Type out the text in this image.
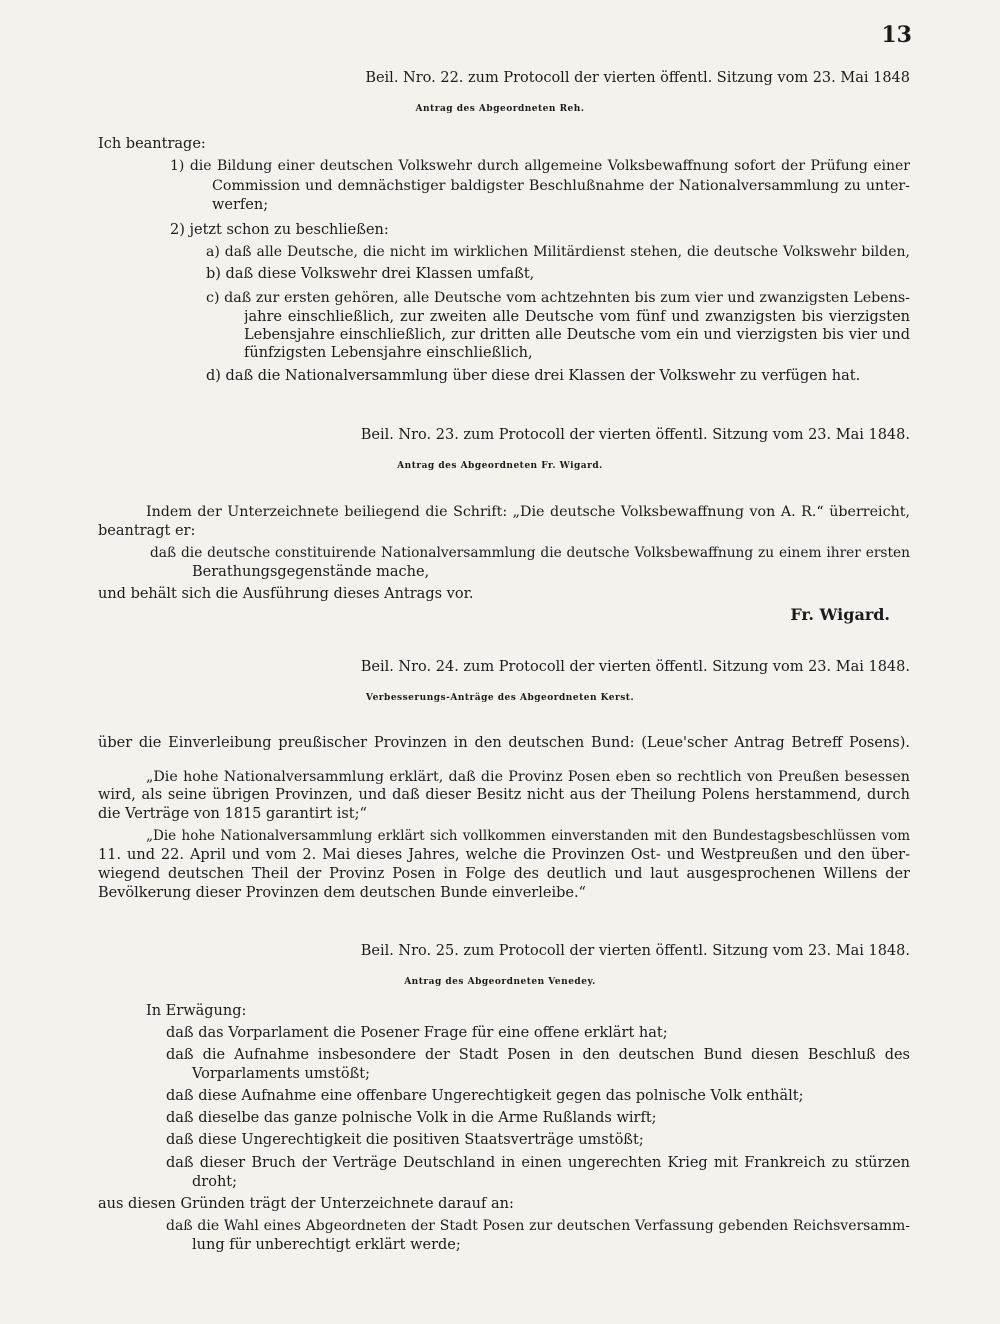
13
Beil. Nro. 22. zum Protocoll der vierten öffentl. Sitzung vom 23. Mai 1848
Antrag des Abgeordneten Reh.
Ich beantrage:
1) die Bildung einer deutschen Volkswehr durch allgemeine Volksbewaffnung sofort der Prüfung einer
Commission und demnächstiger baldigster Beschlußnahme der Nationalversammlung zu unter-
werfen;
2) jetzt schon zu beschließen:
a) daß alle Deutsche, die nicht im wirklichen Militärdienst stehen, die deutsche Volkswehr bilden,
b) daß diese Volkswehr drei Klassen umfaßt,
c) daß zur ersten gehören, alle Deutsche vom achtzehnten bis zum vier und zwanzigsten Lebens-
jahre einschließlich, zur zweiten alle Deutsche vom fünf und zwanzigsten bis vierzigsten
Lebensjahre einschließlich, zur dritten alle Deutsche vom ein und vierzigsten bis vier und
fünfzigsten Lebensjahre einschließlich,
d) daß die Nationalversammlung über diese drei Klassen der Volkswehr zu verfügen hat.
Beil. Nro. 23. zum Protocoll der vierten öffentl. Sitzung vom 23. Mai 1848.
Antrag des Abgeordneten Fr. Wigard.
Indem der Unterzeichnete beiliegend die Schrift: „Die deutsche Volksbewaffnung von A. R.“ überreicht,
beantragt er:
daß die deutsche constituirende Nationalversammlung die deutsche Volksbewaffnung zu einem ihrer ersten
Berathungsgegenstände mache,
und behält sich die Ausführung dieses Antrags vor.
Fr. Wigard.
Beil. Nro. 24. zum Protocoll der vierten öffentl. Sitzung vom 23. Mai 1848.
Verbesserungs-Anträge des Abgeordneten Kerst.
über die Einverleibung preußischer Provinzen in den deutschen Bund: (Leue'scher Antrag Betreff Posens).
„Die hohe Nationalversammlung erklärt, daß die Provinz Posen eben so rechtlich von Preußen besessen
wird, als seine übrigen Provinzen, und daß dieser Besitz nicht aus der Theilung Polens herstammend, durch
die Verträge von 1815 garantirt ist;“
„Die hohe Nationalversammlung erklärt sich vollkommen einverstanden mit den Bundestagsbeschlüssen vom
11. und 22. April und vom 2. Mai dieses Jahres, welche die Provinzen Ost- und Westpreußen und den über-
wiegend deutschen Theil der Provinz Posen in Folge des deutlich und laut ausgesprochenen Willens der
Bevölkerung dieser Provinzen dem deutschen Bunde einverleibe.“
Beil. Nro. 25. zum Protocoll der vierten öffentl. Sitzung vom 23. Mai 1848.
Antrag des Abgeordneten Venedey.
In Erwägung:
daß das Vorparlament die Posener Frage für eine offene erklärt hat;
daß die Aufnahme insbesondere der Stadt Posen in den deutschen Bund diesen Beschluß des
Vorparlaments umstößt;
daß diese Aufnahme eine offenbare Ungerechtigkeit gegen das polnische Volk enthält;
daß dieselbe das ganze polnische Volk in die Arme Rußlands wirft;
daß diese Ungerechtigkeit die positiven Staatsverträge umstößt;
daß dieser Bruch der Verträge Deutschland in einen ungerechten Krieg mit Frankreich zu stürzen
droht;
aus diesen Gründen trägt der Unterzeichnete darauf an:
daß die Wahl eines Abgeordneten der Stadt Posen zur deutschen Verfassung gebenden Reichsversamm-
lung für unberechtigt erklärt werde;
